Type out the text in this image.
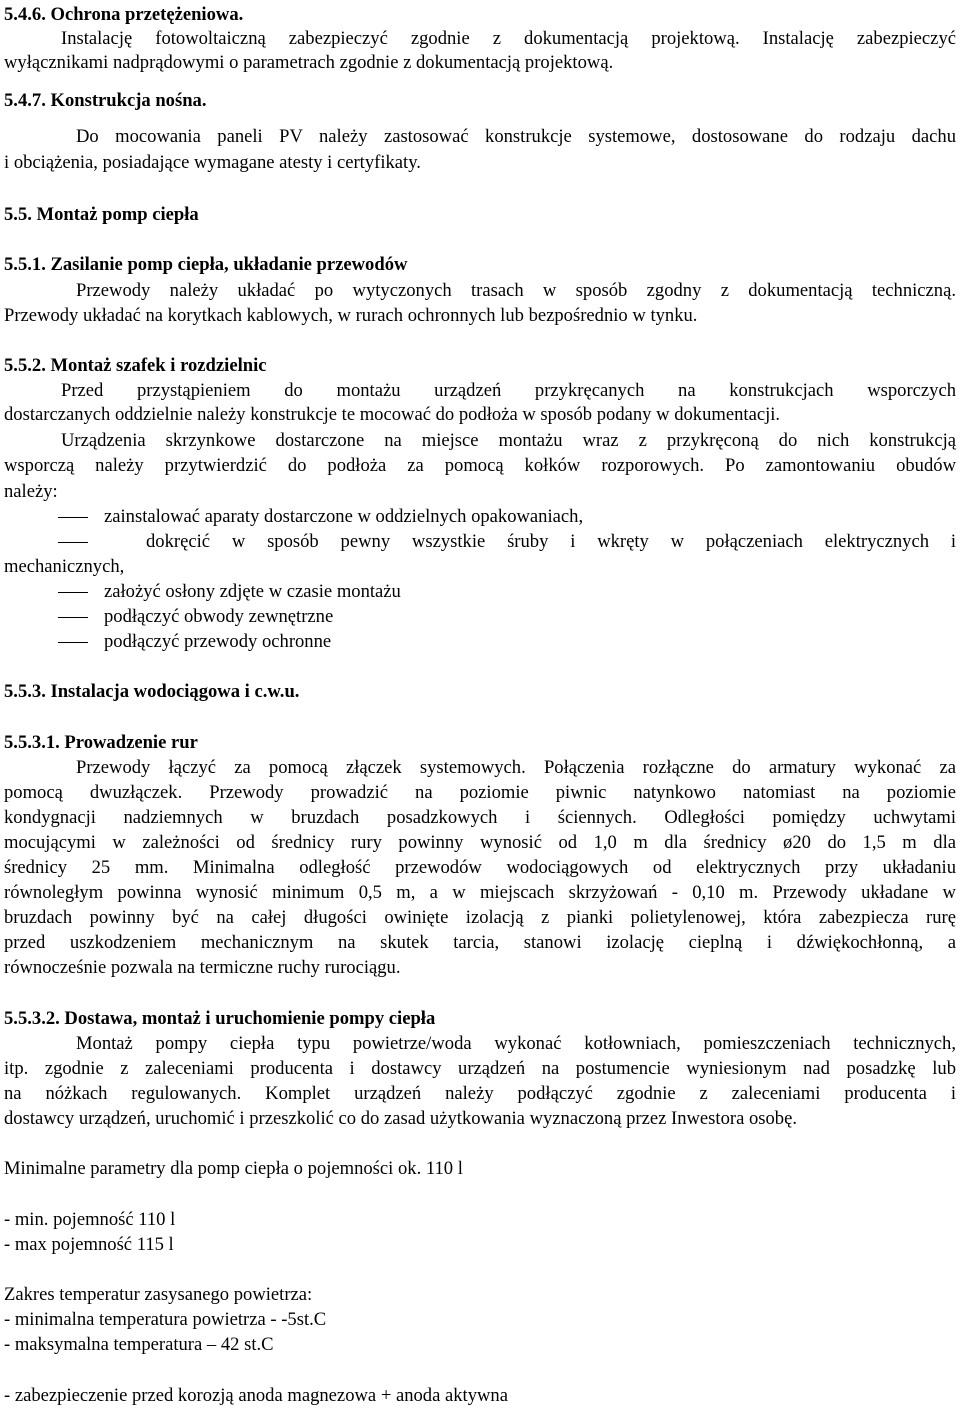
5.4.6. Ochrona przetężeniowa.
Instalację fotowoltaiczną zabezpieczyć zgodnie z dokumentacją projektową. Instalację zabezpieczyć
wyłącznikami nadprądowymi o parametrach zgodnie z dokumentacją projektową.
5.4.7. Konstrukcja nośna.
Do mocowania paneli PV należy zastosować konstrukcje systemowe, dostosowane do rodzaju dachu
i obciążenia, posiadające wymagane atesty i certyfikaty.
5.5. Montaż pomp ciepła
5.5.1. Zasilanie pomp ciepła, układanie przewodów
Przewody należy układać po wytyczonych trasach w sposób zgodny z dokumentacją techniczną.
Przewody układać na korytkach kablowych, w rurach ochronnych lub bezpośrednio w tynku.
5.5.2. Montaż szafek i rozdzielnic
Przed przystąpieniem do montażu urządzeń przykręcanych na konstrukcjach wsporczych
dostarczanych oddzielnie należy konstrukcje te mocować do podłoża w sposób podany w dokumentacji.
Urządzenia skrzynkowe dostarczone na miejsce montażu wraz z przykręconą do nich konstrukcją
wsporczą należy przytwierdzić do podłoża za pomocą kołków rozporowych. Po zamontowaniu obudów
należy:
zainstalować aparaty dostarczone w oddzielnych opakowaniach,
dokręcić w sposób pewny wszystkie śruby i wkręty w połączeniach elektrycznych i
mechanicznych,
założyć osłony zdjęte w czasie montażu
podłączyć obwody zewnętrzne
podłączyć przewody ochronne
5.5.3. Instalacja wodociągowa i c.w.u.
5.5.3.1. Prowadzenie rur
Przewody łączyć za pomocą złączek systemowych. Połączenia rozłączne do armatury wykonać za
pomocą dwuzłączek. Przewody prowadzić na poziomie piwnic natynkowo natomiast na poziomie
kondygnacji nadziemnych w bruzdach posadzkowych i ściennych. Odległości pomiędzy uchwytami
mocującymi w zależności od średnicy rury powinny wynosić od 1,0 m dla średnicy ø20 do 1,5 m dla
średnicy 25 mm. Minimalna odległość przewodów wodociągowych od elektrycznych przy układaniu
równoległym powinna wynosić minimum 0,5 m, a w miejscach skrzyżowań - 0,10 m. Przewody układane w
bruzdach powinny być na całej długości owinięte izolacją z pianki polietylenowej, która zabezpiecza rurę
przed uszkodzeniem mechanicznym na skutek tarcia, stanowi izolację cieplną i dźwiękochłonną, a
równocześnie pozwala na termiczne ruchy rurociągu.
5.5.3.2. Dostawa, montaż i uruchomienie pompy ciepła
Montaż pompy ciepła typu powietrze/woda wykonać kotłowniach, pomieszczeniach technicznych,
itp. zgodnie z zaleceniami producenta i dostawcy urządzeń na postumencie wyniesionym nad posadzkę lub
na nóżkach regulowanych. Komplet urządzeń należy podłączyć zgodnie z zaleceniami producenta i
dostawcy urządzeń, uruchomić i przeszkolić co do zasad użytkowania wyznaczoną przez Inwestora osobę.
Minimalne parametry dla pomp ciepła o pojemności ok. 110 l
- min. pojemność 110 l
- max pojemność 115 l
Zakres temperatur zasysanego powietrza:
- minimalna temperatura powietrza - -5st.C
- maksymalna temperatura – 42 st.C
- zabezpieczenie przed korozją anoda magnezowa + anoda aktywna
